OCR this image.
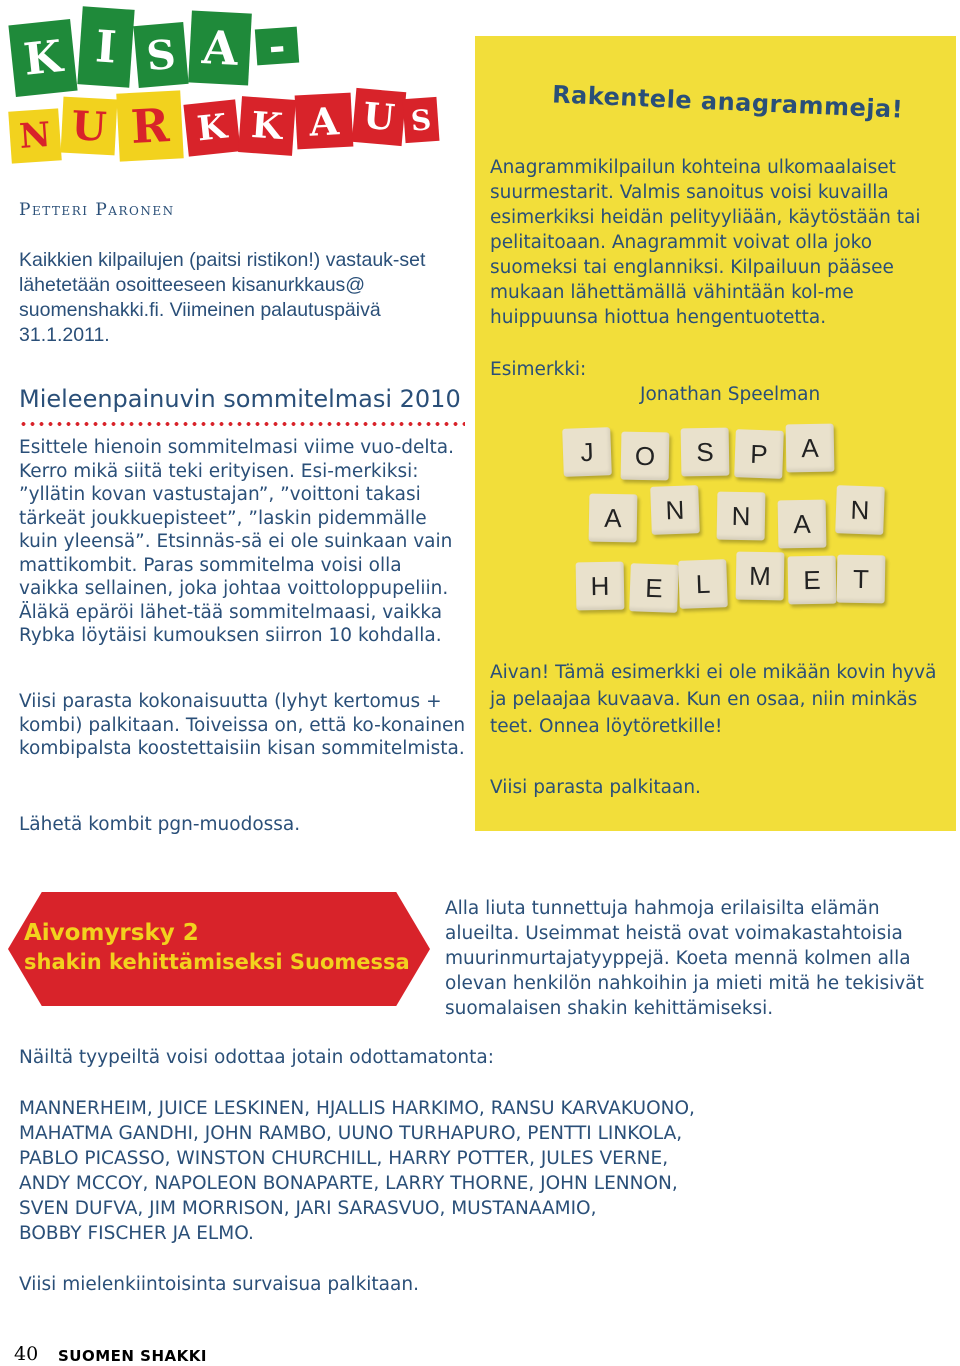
K I S A -
N U R K K A U S
Petteri Paronen
Kaikkien kilpailujen (paitsi ristikon!) vastauk-set lähetetään osoitteeseen kisanurkkaus@ suomenshakki.fi. Viimeinen palautuspäivä 31.1.2011.
Mieleenpainuvin sommitelmasi 2010
Esittele hienoin sommitelmasi viime vuo-delta. Kerro mikä siitä teki erityisen. Esi-merkiksi: ”yllätin kovan vastustajan”, ”voittoni takasi tärkeät joukkuepisteet”, ”laskin pidemmälle kuin yleensä”. Etsinnäs-sä ei ole suinkaan vain mattikombit. Paras sommitelma voisi olla vaikka sellainen, joka johtaa voittoloppupeliin. Äläkä epäröi lähet-tää sommitelmaasi, vaikka Rybka löytäisi kumouksen siirron 10 kohdalla.
Viisi parasta kokonaisuutta (lyhyt kertomus + kombi) palkitaan. Toiveissa on, että ko-konainen kombipalsta koostettaisiin kisan sommitelmista.
Lähetä kombit pgn-muodossa.
Rakentele anagrammeja!
Anagrammikilpailun kohteina ulkomaalaiset suurmestarit. Valmis sanoitus voisi kuvailla esimerkiksi heidän pelityyliään, käytöstään tai pelitaitoaan. Anagrammit voivat olla joko suomeksi tai englanniksi. Kilpailuun pääsee mukaan lähettämällä vähintään kol-me huippuunsa hiottua hengentuotetta.
Esimerkki:
Jonathan Speelman
J	O	S	P	A
A	N	N	A	N
H	E	L	M	E	T
Aivan! Tämä esimerkki ei ole mikään kovin hyvä ja pelaajaa kuvaava. Kun en osaa, niin minkäs teet. Onnea löytöretkille!
Viisi parasta palkitaan.
Aivomyrsky 2
shakin kehittämiseksi Suomessa
Alla liuta tunnettuja hahmoja erilaisilta elämän alueilta. Useimmat heistä ovat voimakastahtoisia muurinmurtajatyyppejä. Koeta mennä kolmen alla olevan henkilön nahkoihin ja mieti mitä he tekisivät suomalaisen shakin kehittämiseksi.
Näiltä tyypeiltä voisi odottaa jotain odottamatonta:
MANNERHEIM, JUICE LESKINEN, HJALLIS HARKIMO, RANSU KARVAKUONO,
MAHATMA GANDHI, JOHN RAMBO, UUNO TURHAPURO, PENTTI LINKOLA,
PABLO PICASSO, WINSTON CHURCHILL, HARRY POTTER, JULES VERNE,
ANDY MCCOY, NAPOLEON BONAPARTE, LARRY THORNE, JOHN LENNON,
SVEN DUFVA, JIM MORRISON, JARI SARASVUO, MUSTANAAMIO,
BOBBY FISCHER JA ELMO.
Viisi mielenkiintoisinta survaisua palkitaan.
40 SUOMEN SHAKKI
